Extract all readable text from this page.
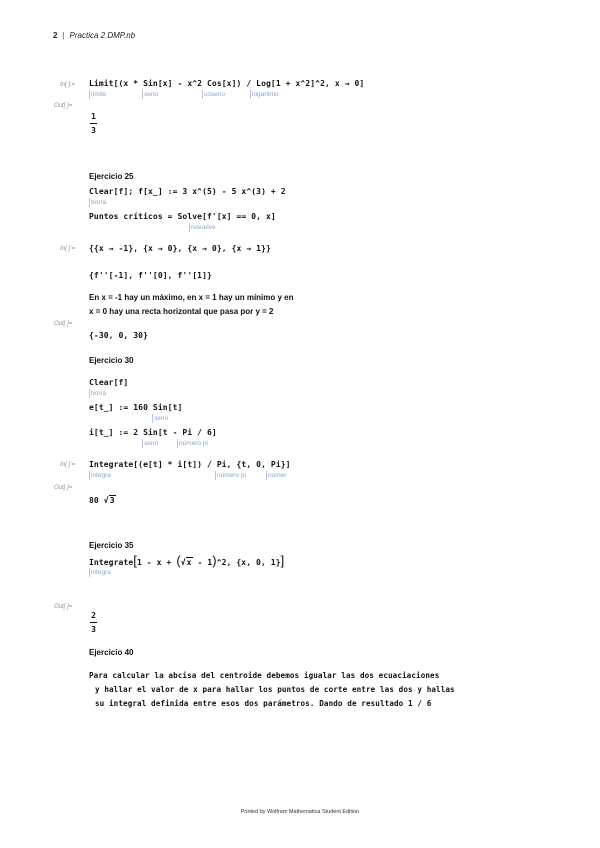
2 | Practica 2 DMP.nb
In[ ]:= Limit[(x * Sin[x] - x^2 Cos[x]) / Log[1 + x^2]^2, x → 0]
límite	seno	coseno	logaritmo
Out[ ]=
1
3
Ejercicio 25
Clear[f]; f[x_] := 3 x^(5) - 5 x^(3) + 2
borra
Puntos críticos = Solve[f'[x] == 0, x]
resuelve
In[ ]:= {{x → -1}, {x → 0}, {x → 0}, {x → 1}}
{f''[-1], f''[0], f''[1]}
En x = -1 hay un máximo, en x = 1 hay un mínimo y en
x = 0 hay una recta horizontal que pasa por y = 2
Out[ ]=
{-30, 0, 30}
Ejercicio 30
Clear[f]
borra
e[t_] := 160 Sin[t]
seno
i[t_] := 2 Sin[t - Pi / 6]
seno	número pi
In[ ]:= Integrate[(e[t] * i[t]) / Pi, {t, 0, Pi}]
integra	número pi	númer
Out[ ]=
80 √3
Ejercicio 35
Integrate[1 - x + (√x - 1)^2, {x, 0, 1}]
integra
Out[ ]=
2
3
Ejercicio 40
Para calcular la abcisa del centroide debemos igualar las dos ecuaciaciones
y hallar el valor de x para hallar los puntos de corte entre las dos y hallas
su integral definida entre esos dos parámetros. Dando de resultado 1 / 6
Printed by Wolfram Mathematica Student Edition
